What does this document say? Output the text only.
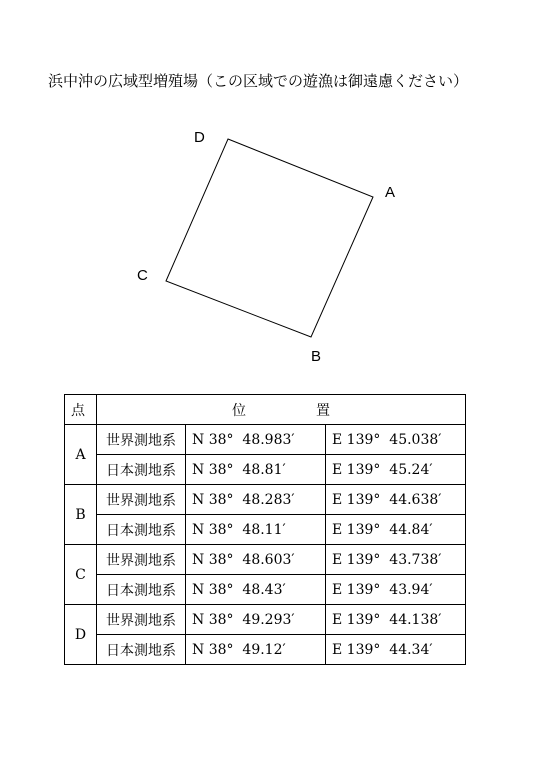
浜中沖の広域型増殖場（この区域での遊漁は御遠慮ください）
D
A
C
B
点	位 置		
A	世界測地系	N 38°  48.983′	E 139°  45.038′
	日本測地系	N 38°  48.81′	E 139°  45.24′
B	世界測地系	N 38°  48.283′	E 139°  44.638′
	日本測地系	N 38°  48.11′	E 139°  44.84′
C	世界測地系	N 38°  48.603′	E 139°  43.738′
	日本測地系	N 38°  48.43′	E 139°  43.94′
D	世界測地系	N 38°  49.293′	E 139°  44.138′
	日本測地系	N 38°  49.12′	E 139°  44.34′
